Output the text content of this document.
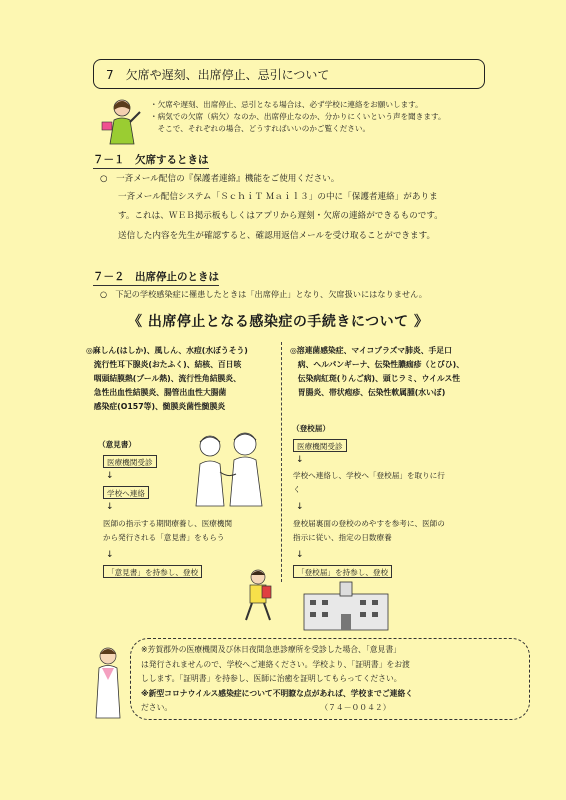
7　欠席や遅刻、出席停止、忌引について
・欠席や遅刻、出席停止、忌引となる場合は、必ず学校に連絡をお願いします。
・病気での欠席（病欠）なのか、出席停止なのか、分かりにくいという声を聞きます。
　そこで、それぞれの場合、どうすればいいのかご覧ください。
７－１　欠席するときは
○　一斉メール配信の『保護者連絡』機能をご使用ください。
一斉メール配信システム「ＳｃｈｉＴ Ｍａｉｌ３」の中に「保護者連絡」がありま
す。これは、ＷＥＢ掲示板もしくはアプリから遅刻・欠席の連絡ができるものです。
送信した内容を先生が確認すると、確認用返信メールを受け取ることができます。
７－２　出席停止のときは
○　下記の学校感染症に罹患したときは「出席停止」となり、欠席扱いにはなりません。
《 出席停止となる感染症の手続きについて 》
◎麻しん(はしか)、風しん、水痘(水ぼうそう)
　流行性耳下腺炎(おたふく)、結核、百日咳
　咽頭結膜熱(プール熱)、流行性角結膜炎、
　急性出血性結膜炎、腸管出血性大腸菌
　感染症(O157等)、髄膜炎菌性髄膜炎
（意見書）
医療機関受診
↓
学校へ連絡
↓
医師の指示する期間療養し、医療機関
から発行される「意見書」をもらう
↓
「意見書」を持参し、登校
◎溶連菌感染症、マイコプラズマ肺炎、手足口
　病、ヘルパンギーナ、伝染性膿痂疹（とびひ)、
　伝染病紅斑(りんご病)、頭じラミ、ウイルス性
　胃腸炎、帯状疱疹、伝染性軟属腫(水いぼ)
（登校届）
医療機関受診
↓
学校へ連絡し、学校へ「登校届」を取りに行
く
↓
登校届裏面の登校のめやすを参考に、医師の
指示に従い、指定の日数療養
↓
「登校届」を持参し、登校
※芳賀郡外の医療機関及び休日夜間急患診療所を受診した場合、「意見書」
は発行されませんので、学校へご連絡ください。学校より、「証明書」をお渡
しします。「証明書」を持参し、医師に治癒を証明してもらってください。
※新型コロナウイルス感染症について不明瞭な点があれば、学校までご連絡く
ださい。　　　　　　　　　　　　　　　　　　　　（７４－００４２）
